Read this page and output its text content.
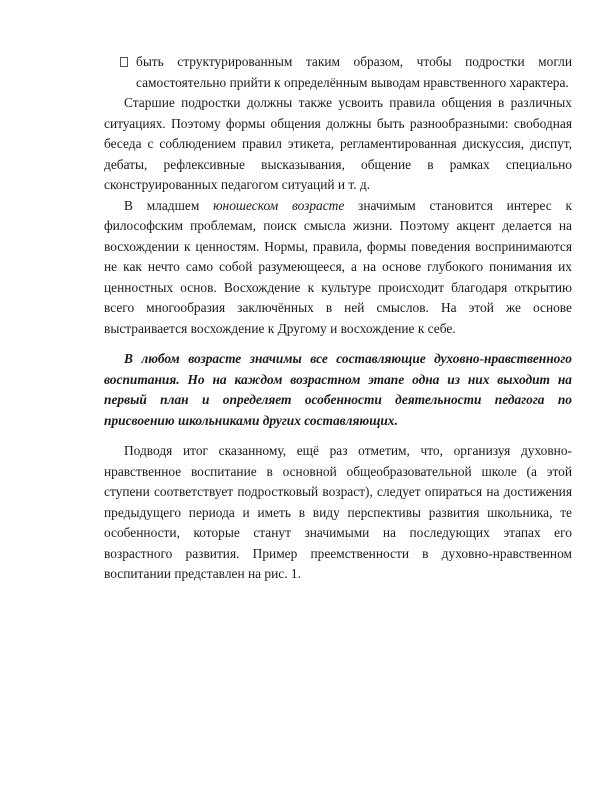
быть структурированным таким образом, чтобы подростки могли самостоятельно прийти к определённым выводам нравственного характера.

Старшие подростки должны также усвоить правила общения в различных ситуациях. Поэтому формы общения должны быть разнообразными: свободная беседа с соблюдением правил этикета, регламентированная дискуссия, диспут, дебаты, рефлексивные высказывания, общение в рамках специально сконструированных педагогом ситуаций и т. д.

В младшем юношеском возрасте значимым становится интерес к философским проблемам, поиск смысла жизни. Поэтому акцент делается на восхождении к ценностям. Нормы, правила, формы поведения воспринимаются не как нечто само собой разумеющееся, а на основе глубокого понимания их ценностных основ. Восхождение к культуре происходит благодаря открытию всего многообразия заключённых в ней смыслов. На этой же основе выстраивается восхождение к Другому и восхождение к себе.

В любом возрасте значимы все составляющие духовно-нравственного воспитания. Но на каждом возрастном этапе одна из них выходит на первый план и определяет особенности деятельности педагога по присвоению школьниками других составляющих.

Подводя итог сказанному, ещё раз отметим, что, организуя духовно-нравственное воспитание в основной общеобразовательной школе (а этой ступени соответствует подростковый возраст), следует опираться на достижения предыдущего периода и иметь в виду перспективы развития школьника, те особенности, которые станут значимыми на последующих этапах его возрастного развития. Пример преемственности в духовно-нравственном воспитании представлен на рис. 1.
